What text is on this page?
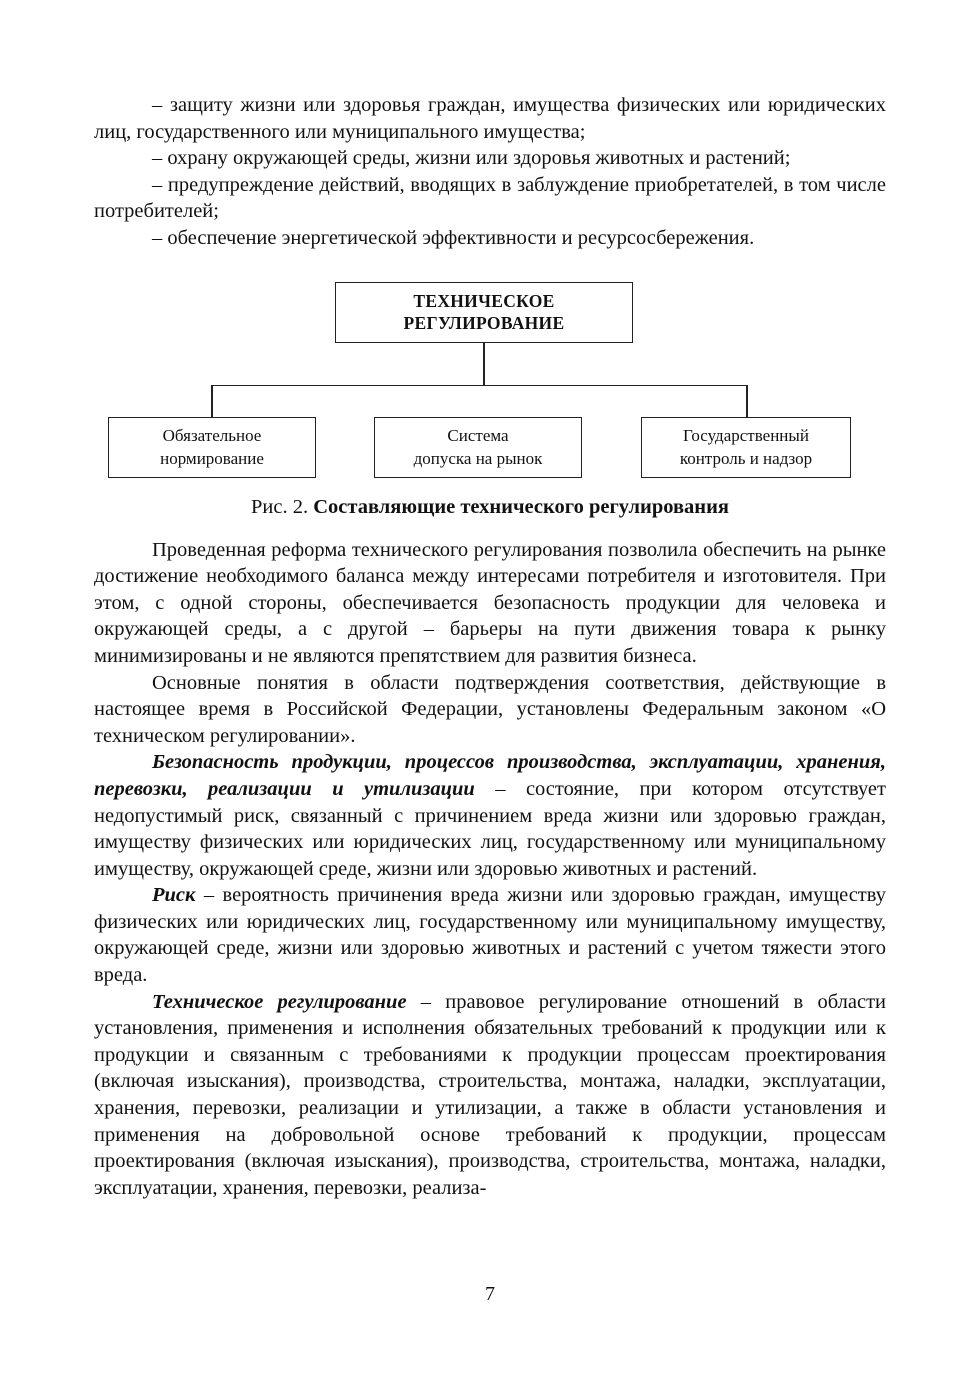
– защиту жизни или здоровья граждан, имущества физических или юридических лиц, государственного или муниципального имущества;

– охрану окружающей среды, жизни или здоровья животных и растений;

– предупреждение действий, вводящих в заблуждение приобретателей, в том числе потребителей;

– обеспечение энергетической эффективности и ресурсосбережения.

ТЕХНИЧЕСКОЕ
РЕГУЛИРОВАНИЕ
Обязательное
нормирование
Система
допуска на рынок
Государственный
контроль и надзор
Рис. 2. Составляющие технического регулирования

Проведенная реформа технического регулирования позволила обеспечить на рынке достижение необходимого баланса между интересами потребителя и изготовителя. При этом, с одной стороны, обеспечивается безопасность продукции для человека и окружающей среды, а с другой – барьеры на пути движения товара к рынку минимизированы и не являются препятствием для развития бизнеса.

Основные понятия в области подтверждения соответствия, действующие в настоящее время в Российской Федерации, установлены Федеральным законом «О техническом регулировании».

Безопасность продукции, процессов производства, эксплуатации, хранения, перевозки, реализации и утилизации – состояние, при котором отсутствует недопустимый риск, связанный с причинением вреда жизни или здоровью граждан, имуществу физических или юридических лиц, государственному или муниципальному имуществу, окружающей среде, жизни или здоровью животных и растений.

Риск – вероятность причинения вреда жизни или здоровью граждан, имуществу физических или юридических лиц, государственному или муниципальному имуществу, окружающей среде, жизни или здоровью животных и растений с учетом тяжести этого вреда.

Техническое регулирование – правовое регулирование отношений в области установления, применения и исполнения обязательных требований к продукции или к продукции и связанным с требованиями к продукции процессам проектирования (включая изыскания), производства, строительства, монтажа, наладки, эксплуатации, хранения, перевозки, реализации и утилизации, а также в области установления и применения на добровольной основе требований к продукции, процессам проектирования (включая изыскания), производства, строительства, монтажа, наладки, эксплуатации, хранения, перевозки, реализа-

7
